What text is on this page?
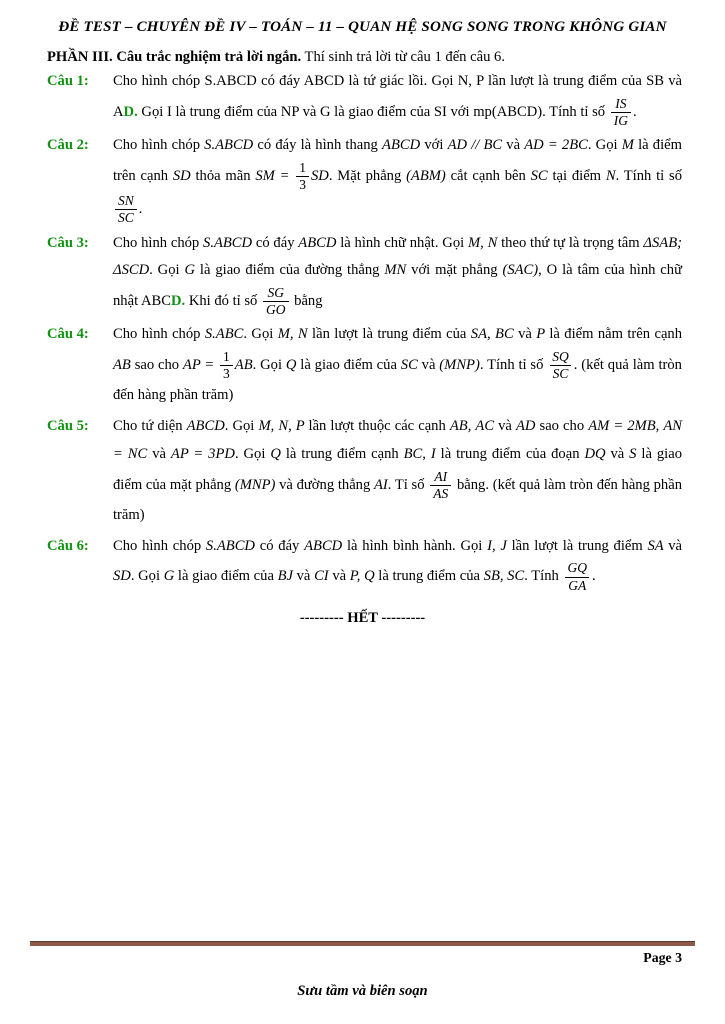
ĐỀ TEST – CHUYÊN ĐỀ IV – TOÁN – 11 – QUAN HỆ SONG SONG TRONG KHÔNG GIAN
PHẦN III. Câu trắc nghiệm trả lời ngắn. Thí sinh trả lời từ câu 1 đến câu 6.
Câu 1:	Cho hình chóp S.ABCD có đáy ABCD là tứ giác lồi. Gọi N, P lần lượt là trung điểm của SB và AD. Gọi I là trung điểm của NP và G là giao điểm của SI với mp(ABCD). Tính tỉ số $\frac{IS}{IG}$ .
Câu 2:	Cho hình chóp S.ABCD có đáy là hình thang ABCD với AD // BC và AD = 2BC. Gọi M là điểm trên cạnh SD thỏa mãn SM = $\frac{1}{3}$ SD. Mặt phẳng (ABM) cắt cạnh bên SC tại điểm N. Tính tỉ số
$\frac{SN}{SC}$ .
Câu 3:	Cho hình chóp S.ABCD có đáy ABCD là hình chữ nhật. Gọi M, N theo thứ tự là trọng tâm ΔSAB; ΔSCD. Gọi G là giao điểm của đường thẳng MN với mặt phẳng (SAC), O là tâm của hình chữ nhật ABCD. Khi đó tỉ số $\frac{SG}{GO}$ bằng
Câu 4:	Cho hình chóp S.ABC. Gọi M, N lần lượt là trung điểm của SA, BC và P là điểm nằm trên cạnh AB sao cho AP = $\frac{1}{3}$ AB. Gọi Q là giao điểm của SC và (MNP). Tính tỉ số $\frac{SQ}{SC}$ . (kết quả làm tròn đến hàng phần trăm)
Câu 5:	Cho tứ diện ABCD. Gọi M, N, P lần lượt thuộc các cạnh AB, AC và AD sao cho AM = 2MB, AN = NC và AP = 3PD. Gọi Q là trung điểm cạnh BC, I là trung điểm của đoạn DQ và S là giao điểm của mặt phẳng (MNP) và đường thẳng AI. Tỉ số $\frac{AI}{AS}$ bằng. (kết quả làm tròn đến hàng phần trăm)
Câu 6:	Cho hình chóp S.ABCD có đáy ABCD là hình bình hành. Gọi I, J lần lượt là trung điểm SA và SD. Gọi G là giao điểm của BJ và CI và P, Q là trung điểm của SB, SC. Tính $\frac{GQ}{GA}$ .
--------- HẾT ---------
Page 3
Sưu tầm và biên soạn
